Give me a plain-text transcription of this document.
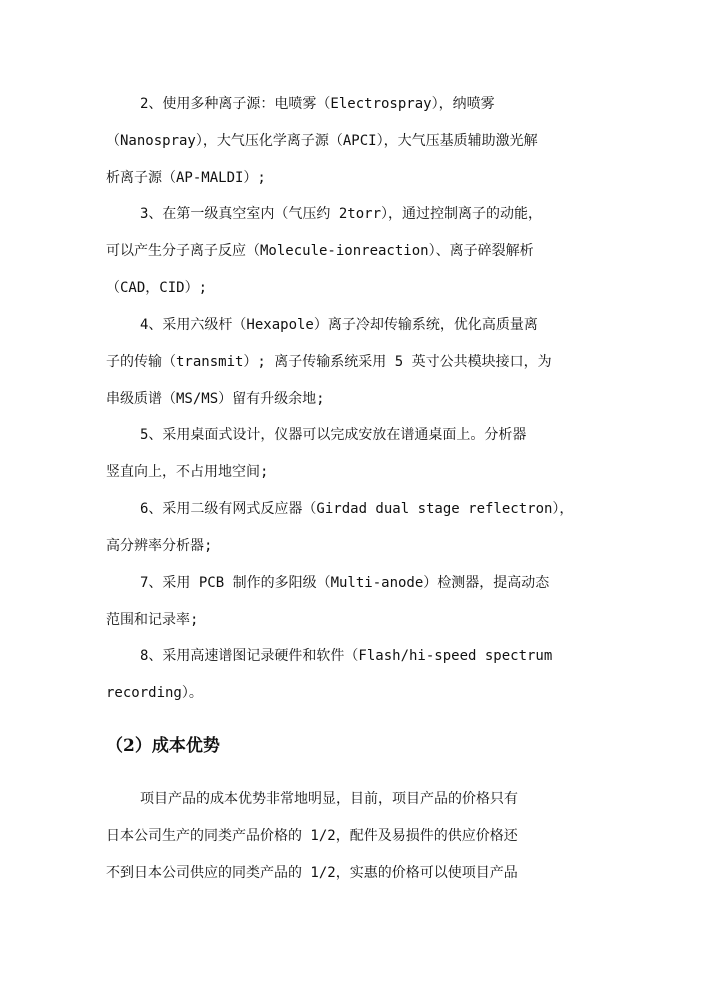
2、使用多种离子源：电喷雾（Electrospray），纳喷雾
（Nanospray），大气压化学离子源（APCI），大气压基质辅助激光解
析离子源（AP-MALDI）;
3、在第一级真空室内（气压约 2torr），通过控制离子的动能，
可以产生分子离子反应（Molecule-ionreaction）、离子碎裂解析
（CAD，CID）;
4、采用六级杆（Hexapole）离子冷却传输系统，优化高质量离
子的传输（transmit）; 离子传输系统采用 5 英寸公共模块接口，为
串级质谱（MS/MS）留有升级余地;
5、采用桌面式设计，仪器可以完成安放在谱通桌面上。分析器
竖直向上，不占用地空间;
6、采用二级有网式反应器（Girdad dual stage reflectron），
高分辨率分析器;
7、采用 PCB 制作的多阳级（Multi-anode）检测器，提高动态
范围和记录率;
8、采用高速谱图记录硬件和软件（Flash/hi-speed spectrum
recording）。
（2）成本优势
项目产品的成本优势非常地明显，目前，项目产品的价格只有
日本公司生产的同类产品价格的 1/2，配件及易损件的供应价格还
不到日本公司供应的同类产品的 1/2，实惠的价格可以使项目产品
